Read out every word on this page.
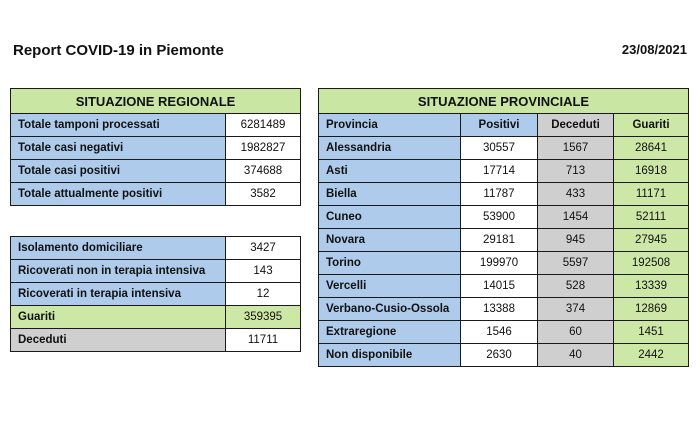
Report COVID-19 in Piemonte	23/08/2021
SITUAZIONE REGIONALE	
Totale tamponi processati	6281489
Totale casi negativi	1982827
Totale casi positivi	374688
Totale attualmente positivi	3582
Isolamento domiciliare	3427
Ricoverati non in terapia intensiva	143
Ricoverati in terapia intensiva	12
Guariti	359395
Deceduti	11711
SITUAZIONE PROVINCIALE			
Provincia	Positivi	Deceduti	Guariti
Alessandria	30557	1567	28641
Asti	17714	713	16918
Biella	11787	433	11171
Cuneo	53900	1454	52111
Novara	29181	945	27945
Torino	199970	5597	192508
Vercelli	14015	528	13339
Verbano-Cusio-Ossola	13388	374	12869
Extraregione	1546	60	1451
Non disponibile	2630	40	2442
